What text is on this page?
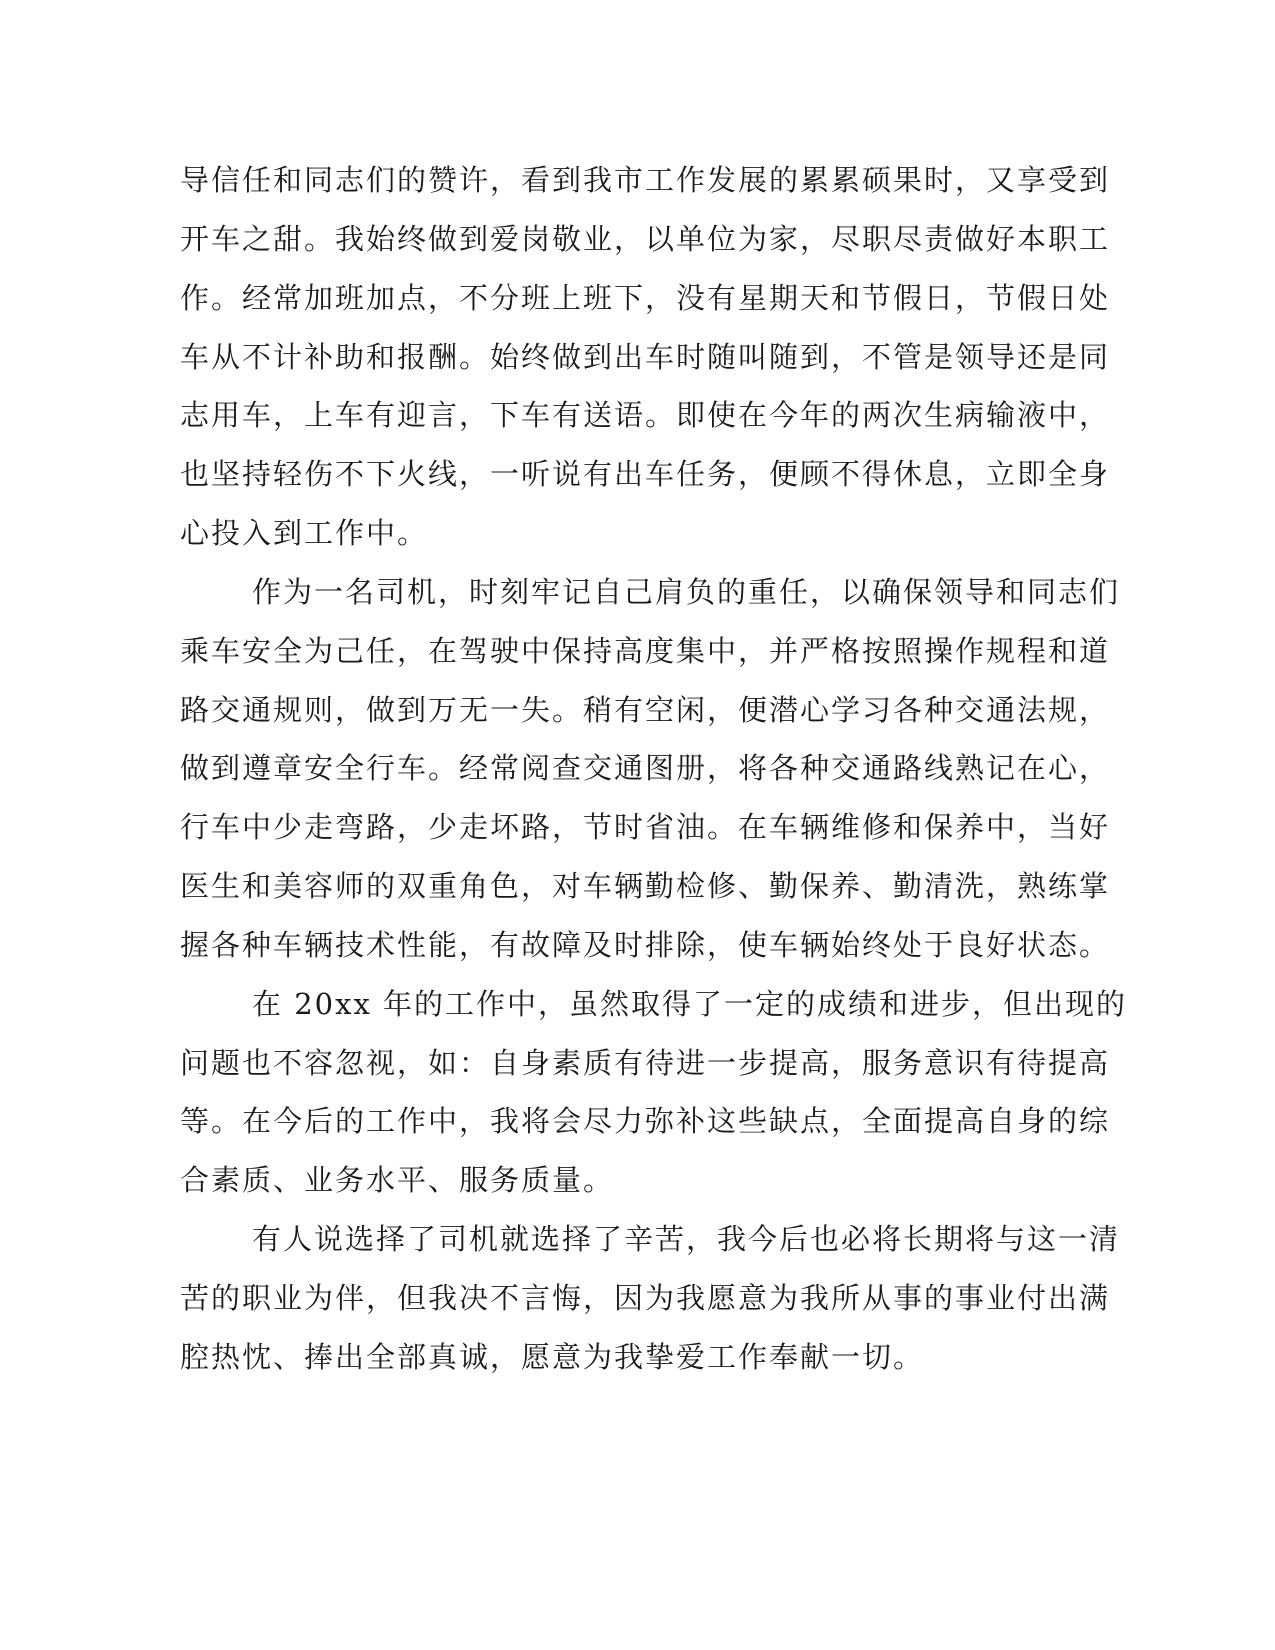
导信任和同志们的赞许，看到我市工作发展的累累硕果时，又享受到

开车之甜。我始终做到爱岗敬业，以单位为家，尽职尽责做好本职工

作。经常加班加点，不分班上班下，没有星期天和节假日，节假日处

车从不计补助和报酬。始终做到出车时随叫随到，不管是领导还是同

志用车，上车有迎言，下车有送语。即使在今年的两次生病输液中，

也坚持轻伤不下火线，一听说有出车任务，便顾不得休息，立即全身

心投入到工作中。

作为一名司机，时刻牢记自己肩负的重任，以确保领导和同志们

乘车安全为己任，在驾驶中保持高度集中，并严格按照操作规程和道

路交通规则，做到万无一失。稍有空闲，便潜心学习各种交通法规，

做到遵章安全行车。经常阅查交通图册，将各种交通路线熟记在心，

行车中少走弯路，少走坏路，节时省油。在车辆维修和保养中，当好

医生和美容师的双重角色，对车辆勤检修、勤保养、勤清洗，熟练掌

握各种车辆技术性能，有故障及时排除，使车辆始终处于良好状态。

在 20xx 年的工作中，虽然取得了一定的成绩和进步，但出现的

问题也不容忽视，如：自身素质有待进一步提高，服务意识有待提高

等。在今后的工作中，我将会尽力弥补这些缺点，全面提高自身的综

合素质、业务水平、服务质量。

有人说选择了司机就选择了辛苦，我今后也必将长期将与这一清

苦的职业为伴，但我决不言悔，因为我愿意为我所从事的事业付出满

腔热忱、捧出全部真诚，愿意为我挚爱工作奉献一切。
